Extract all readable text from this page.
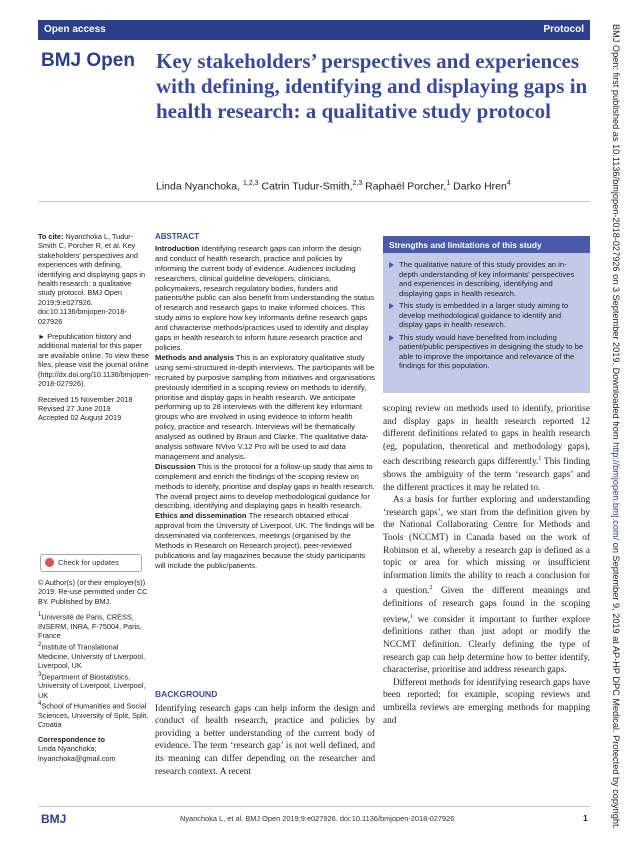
Open access	Protocol
BMJ Open Key stakeholders’ perspectives and experiences with defining, identifying and displaying gaps in health research: a qualitative study protocol
Linda Nyanchoka, $^{1,2,3}$ Catrin Tudur-Smith,$^{2,3}$ Raphaël Porcher,$^1$ Darko Hren$^4$

To cite: Nyanchoka L, Tudur-Smith C, Porcher R, et al. Key stakeholders' perspectives and experiences with defining, identifying and displaying gaps in health research: a qualitative study protocol. BMJ Open 2019;9:e027926. doi:10.1136/bmjopen-2018-027926

► Prepublication history and additional material for this paper are available online. To view these files, please visit the journal online (http://dx.doi.org/10.1136/bmjopen-2018-027926).

Received 15 November 2018
Revised 27 June 2019
Accepted 02 August 2019

Check for updates

© Author(s) (or their employer(s)) 2019. Re-use permitted under CC BY. Published by BMJ.

$^1$Université de Paris, CRESS, INSERM, INRA, F-75004, Paris, France
$^2$Institute of Translational Medicine, University of Liverpool, Liverpool, UK
$^3$Department of Biostatistics, University of Liverpool, Liverpool, UK
$^4$School of Humanities and Social Sciences, University of Split, Split, Croatia

Correspondence to
Linda Nyanchoka;
lnyanchoka@gmail.com

ABSTRACT

Introduction Identifying research gaps can inform the design and conduct of health research, practice and policies by informing the current body of evidence. Audiences including researchers, clinical guideline developers, clinicians, policymakers, research regulatory bodies, funders and patients/the public can also benefit from understanding the status of research and research gaps to make informed choices. This study aims to explore how key informants define research gaps and characterise methods/practices used to identify and display gaps in health research to inform future research practice and policies.

Methods and analysis This is an exploratory qualitative study using semi-structured in-depth interviews. The participants will be recruited by purposive sampling from initiatives and organisations previously identified in a scoping review on methods to identify, prioritise and display gaps in health research. We anticipate performing up to 28 interviews with the different key informant groups who are involved in using evidence to inform health policy, practice and research. Interviews will be thematically analysed as outlined by Braun and Clarke. The qualitative data-analysis software NVivo V.12 Pro will be used to aid data management and analysis.

Discussion This is the protocol for a follow-up study that aims to complement and enrich the findings of the scoping review on methods to identify, prioritise and display gaps in health research. The overall project aims to develop methodological guidance for describing, identifying and displaying gaps in health research.

Ethics and dissemination The research obtained ethical approval from the University of Liverpool, UK. The findings will be disseminated via conferences, meetings (organised by the Methods in Research on Research project), peer-reviewed publications and lay magazines because the study participants will include the public/patients.

BACKGROUND

Identifying research gaps can help inform the design and conduct of health research, practice and policies by providing a better understanding of the current body of evidence. The term ‘research gap’ is not well defined, and its meaning can differ depending on the researcher and research context. A recent

Strengths and limitations of this study
The qualitative nature of this study provides an in-depth understanding of key informants’ perspectives and experiences in describing, identifying and displaying gaps in health research.
This study is embedded in a larger study aiming to develop methodological guidance to identify and display gaps in health research.
This study would have benefited from including patient/public perspectives in designing the study to be able to improve the importance and relevance of the findings for this population.

scoping review on methods used to identify, prioritise and display gaps in health research reported 12 different definitions related to gaps in health research (eg, population, theoretical and methodology gaps), each describing research gaps differently.$^1$ This finding shows the ambiguity of the term ‘research gaps’ and the different practices it may be related to.

As a basis for further exploring and understanding ‘research gaps’, we start from the definition given by the National Collaborating Centre for Methods and Tools (NCCMT) in Canada based on the work of Robinson et al, whereby a research gap is defined as a topic or area for which missing or insufficient information limits the ability to reach a conclusion for a question.$^2$ Given the different meanings and definitions of research gaps found in the scoping review,$^1$ we consider it important to further explore definitions rather than just adopt or modify the NCCMT definition. Clearly defining the type of research gap can help determine how to better identify, characterise, prioritise and address research gaps.

Different methods for identifying research gaps have been reported; for example, scoping reviews and umbrella reviews are emerging methods for mapping and

BMJ Open: first published as 10.1136/bmjopen-2018-027926 on 3 September 2019. Downloaded from http://bmjopen.bmj.com/ on September 9, 2019 at AP-HP DPC Medical. Protected by copyright.
BMJ	Nyanchoka L, et al. BMJ Open 2019;9:e027926. doi:10.1136/bmjopen-2018-027926	1
